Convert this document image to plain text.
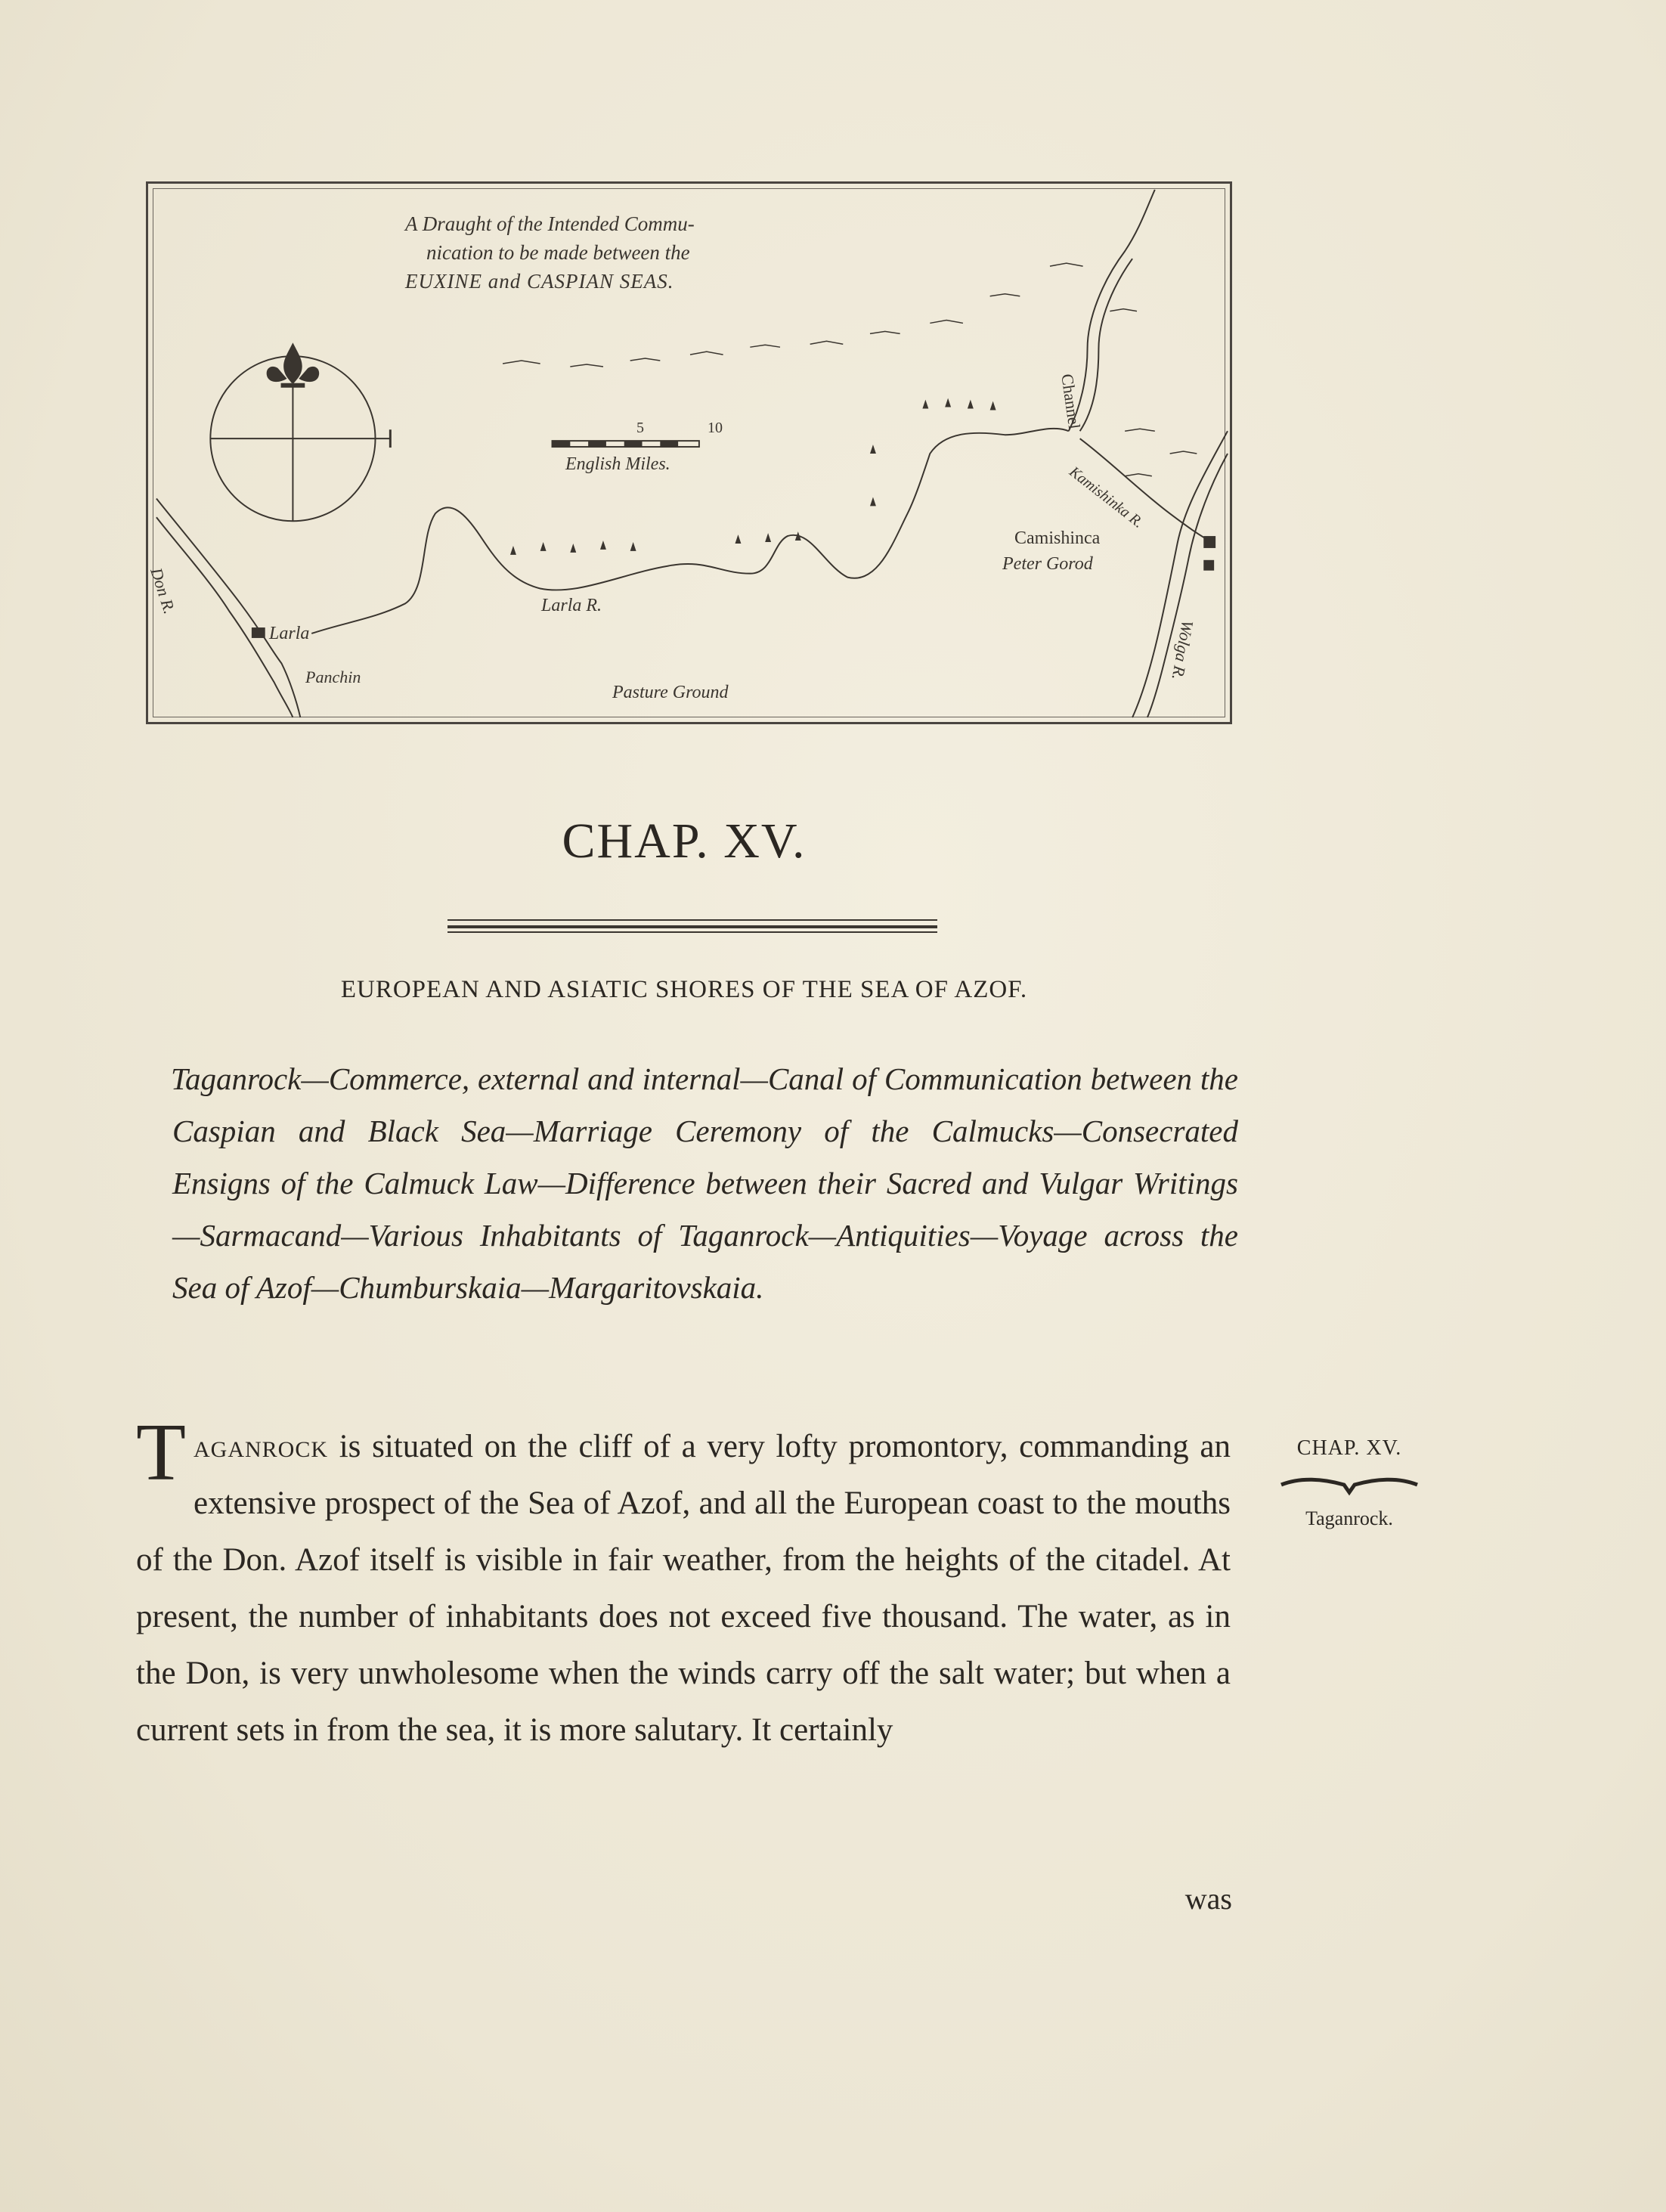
A Draught of the Intended Commu-
nication to be made between the
EUXINE and CASPIAN SEAS.
5	10
English Miles.
Don R.
Larla
Panchin
Larla R.
Pasture Ground
Channel
Kamishinka R.
Camishinca
Peter Gorod
Wolga R.
CHAP. XV.
EUROPEAN AND ASIATIC SHORES OF THE SEA OF AZOF.
Taganrock—Commerce, external and internal—Canal of Communication between the Caspian and Black Sea—Marriage Ceremony of the Calmucks—Consecrated Ensigns of the Calmuck Law—Difference between their Sacred and Vulgar Writings—Sarmacand—Various Inhabitants of Taganrock—Antiquities—Voyage across the Sea of Azof—Chumburskaia—Margaritovskaia.
Taganrock is situated on the cliff of a very lofty promontory, commanding an extensive prospect of the Sea of Azof, and all the European coast to the mouths of the Don. Azof itself is visible in fair weather, from the heights of the citadel. At present, the number of inhabitants does not exceed five thousand. The water, as in the Don, is very unwholesome when the winds carry off the salt water; but when a current sets in from the sea, it is more salutary. It certainly
was
CHAP. XV.
Taganrock.
